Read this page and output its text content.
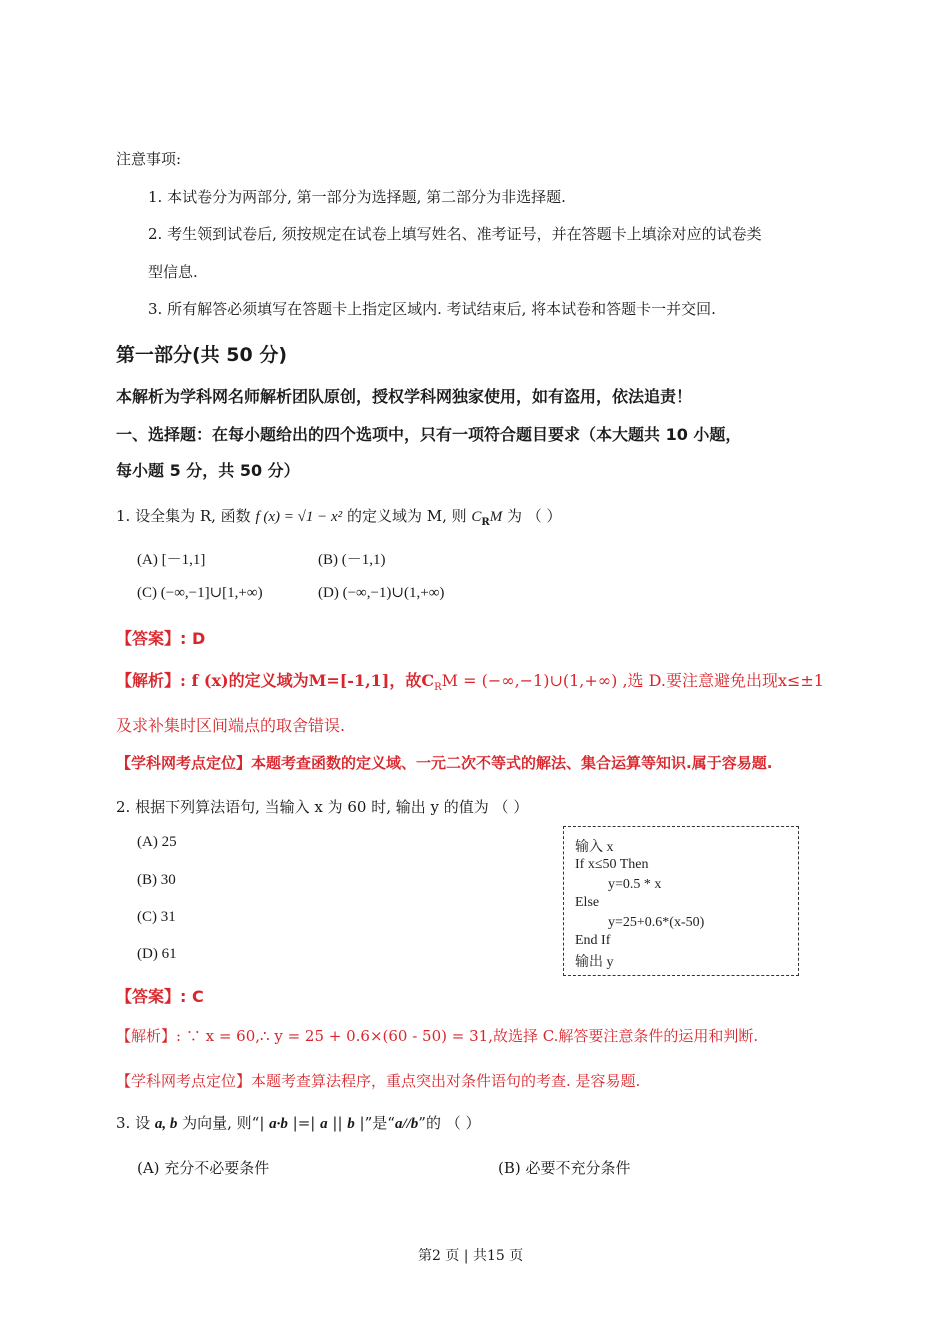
注意事项:
1. 本试卷分为两部分, 第一部分为选择题, 第二部分为非选择题.
2. 考生领到试卷后, 须按规定在试卷上填写姓名、准考证号，并在答题卡上填涂对应的试卷类
型信息.
3. 所有解答必须填写在答题卡上指定区域内. 考试结束后, 将本试卷和答题卡一并交回.
第一部分(共 50 分)
本解析为学科网名师解析团队原创，授权学科网独家使用，如有盗用，依法追责！
一、选择题：在每小题给出的四个选项中，只有一项符合题目要求（本大题共 10 小题，
每小题 5 分，共 50 分）
1. 设全集为 R, 函数 f (x) = √1 − x² 的定义域为 M, 则 $C_RM$ 为 （ ）
(A) [－1,1]	(B) (－1,1)
(C) (−∞,−1]∪[1,+∞)	(D) (−∞,−1)∪(1,+∞)
【答案】: D
【解析】: f (x)的定义域为M=[-1,1]，故$C_RM$ = (−∞,−1)∪(1,+∞) ,选 D.要注意避免出现x≤±1
及求补集时区间端点的取舍错误.
【学科网考点定位】本题考查函数的定义域、一元二次不等式的解法、集合运算等知识.属于容易题.
2. 根据下列算法语句, 当输入 x 为 60 时, 输出 y 的值为 （ ）
(A) 25
(B) 30
(C) 31
(D) 61
输入 x
If x≤50 Then
y=0.5 * x
Else
y=25+0.6*(x-50)
End If
输出 y
【答案】: C
【解析】: ∵ x = 60,∴ y = 25 + 0.6×(60 - 50) = 31,故选择 C.解答要注意条件的运用和判断.
【学科网考点定位】本题考查算法程序，重点突出对条件语句的考查. 是容易题.
3. 设 a, b 为向量, 则“| a·b |=| a || b |”是“a//b”的 （ ）
(A) 充分不必要条件	(B) 必要不充分条件
第2 页 | 共15 页
